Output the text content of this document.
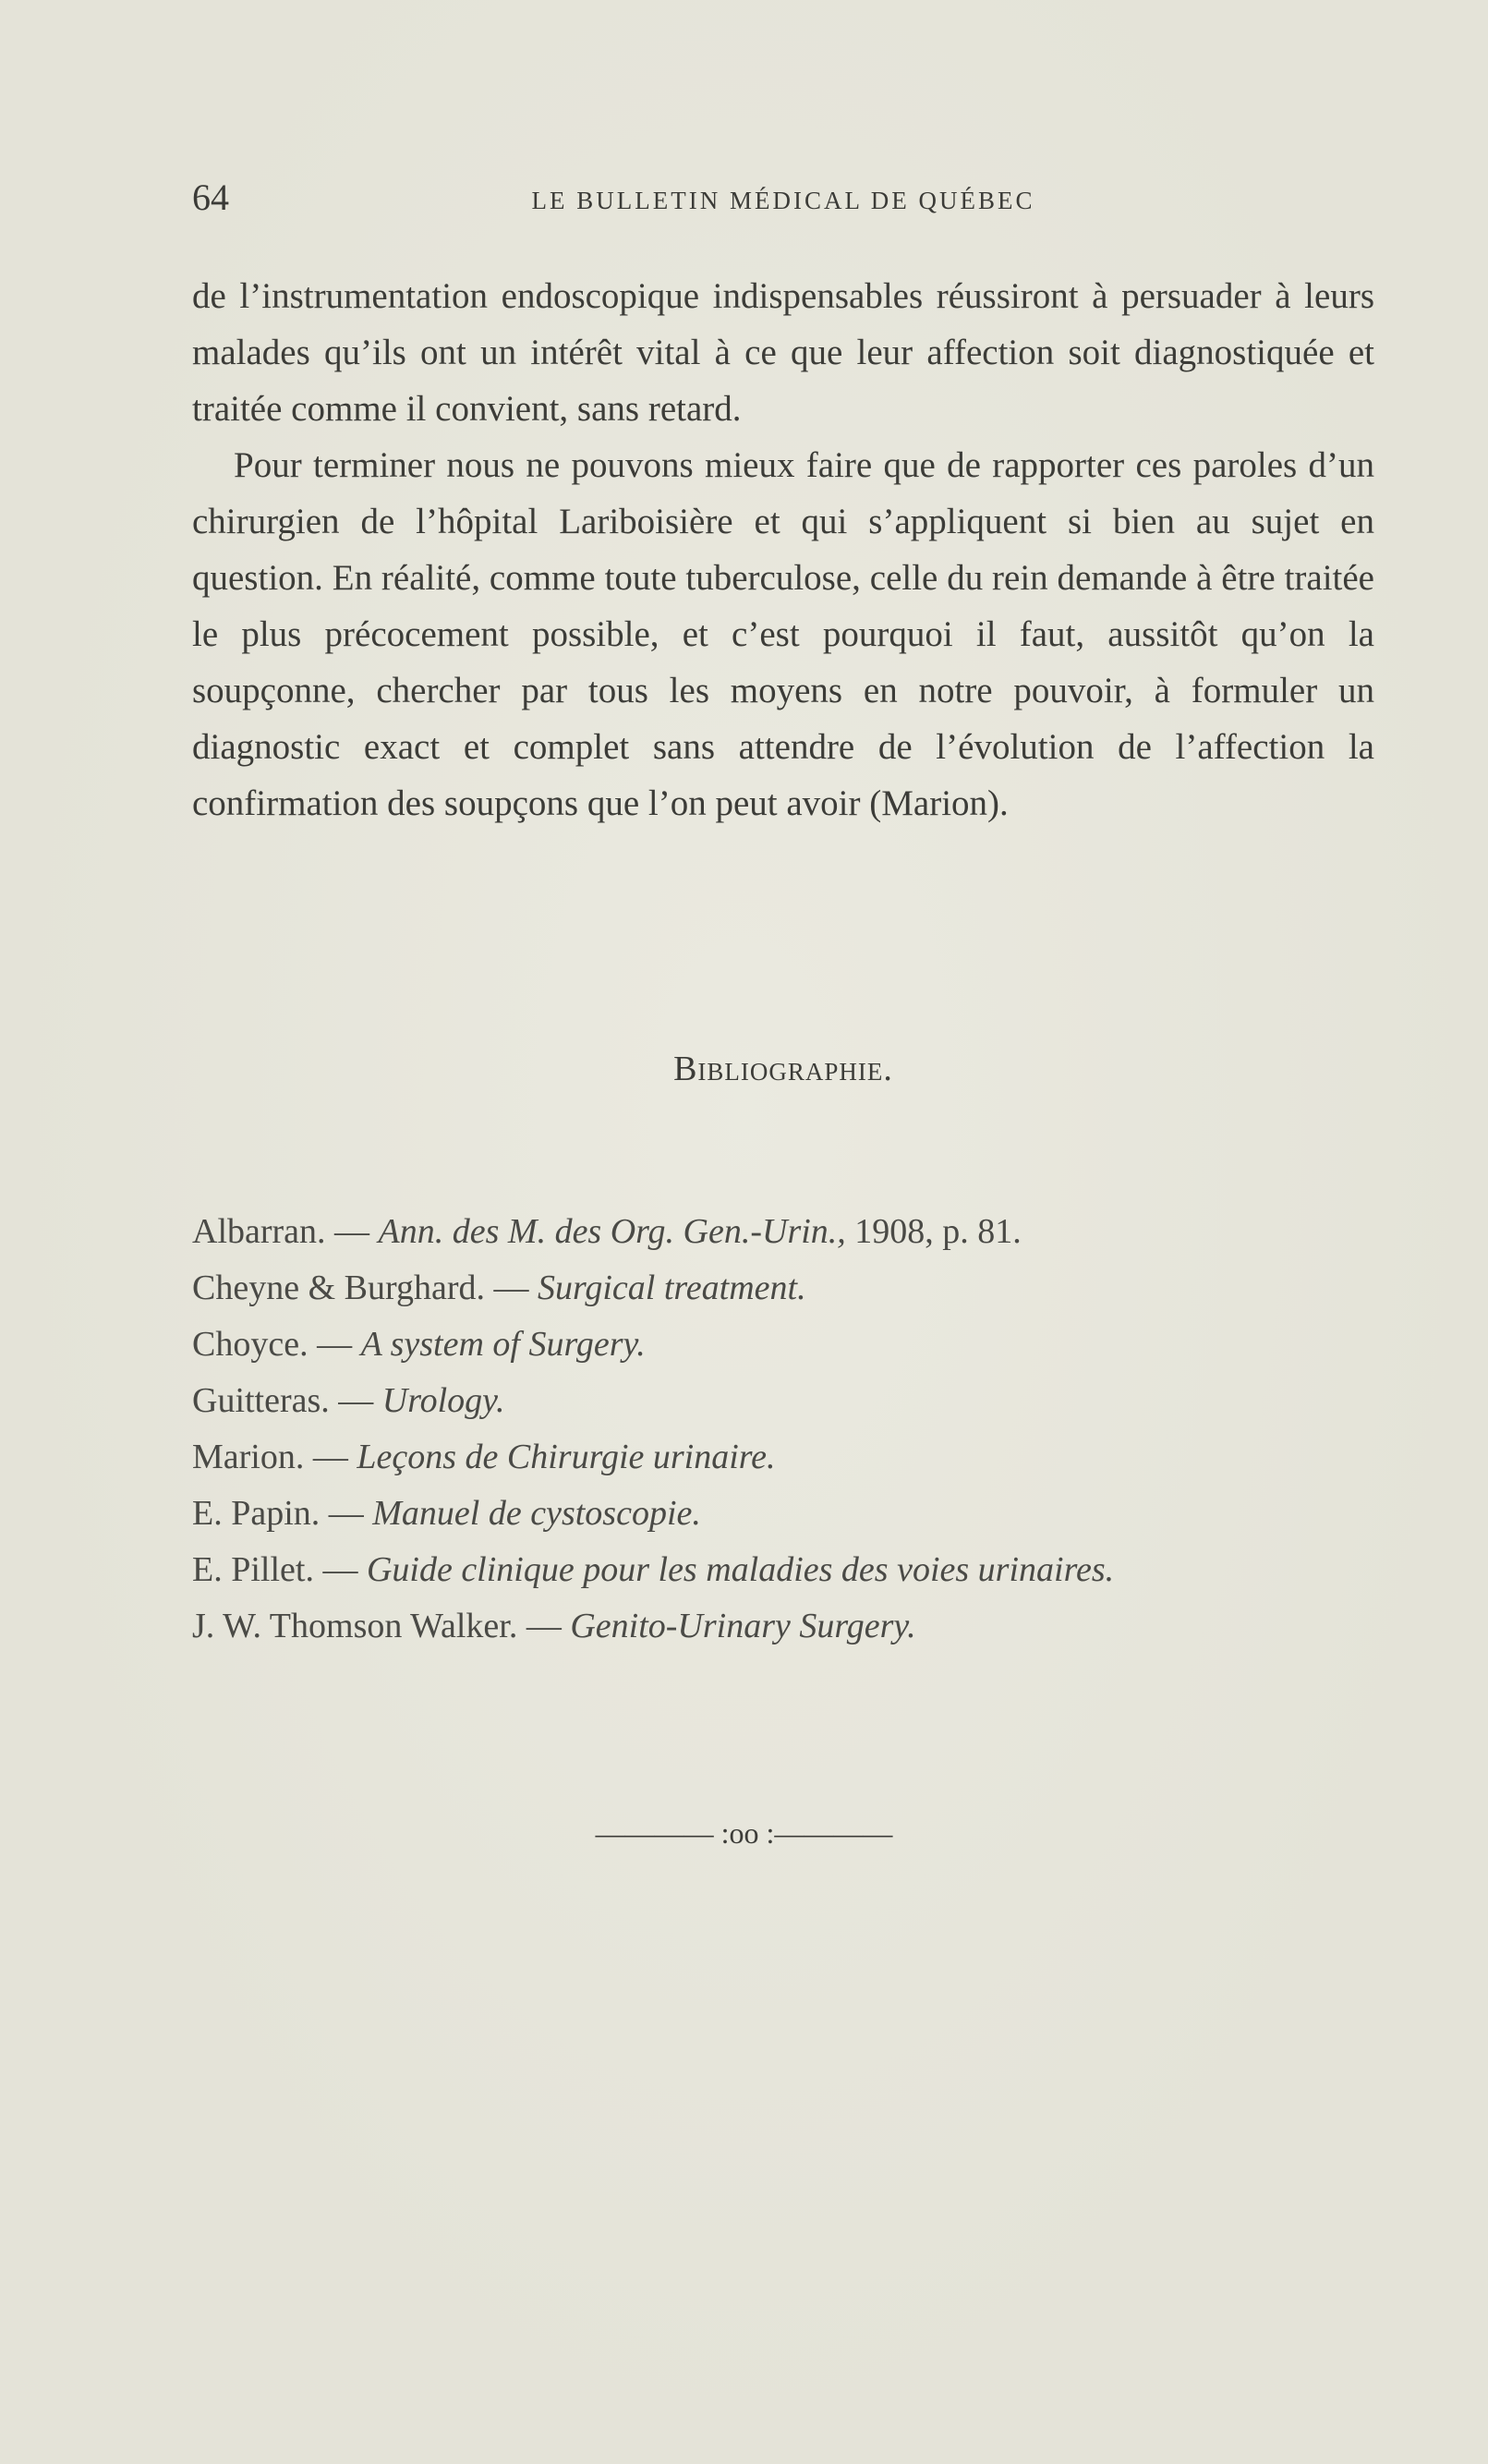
64	LE BULLETIN MÉDICAL DE QUÉBEC

de l’instrumentation endoscopique indispensables réussiront à persuader à leurs malades qu’ils ont un intérêt vital à ce que leur affection soit diagnostiquée et traitée comme il convient, sans retard.

Pour terminer nous ne pouvons mieux faire que de rapporter ces paroles d’un chirurgien de l’hôpital Lariboisière et qui s’appliquent si bien au sujet en question. En réalité, comme toute tuberculose, celle du rein demande à être traitée le plus précocement possible, et c’est pourquoi il faut, aussitôt qu’on la soupçonne, chercher par tous les moyens en notre pouvoir, à formuler un diagnostic exact et complet sans attendre de l’évolution de l’affection la confirmation des soupçons que l’on peut avoir (Marion).

Bibliographie.
Albarran. — Ann. des M. des Org. Gen.-Urin., 1908, p. 81.
Cheyne & Burghard. — Surgical treatment.
Choyce. — A system of Surgery.
Guitteras. — Urology.
Marion. — Leçons de Chirurgie urinaire.
E. Papin. — Manuel de cystoscopie.
E. Pillet. — Guide clinique pour les maladies des voies urinaires.
J. W. Thomson Walker. — Genito-Urinary Surgery.
———— :oo :————
